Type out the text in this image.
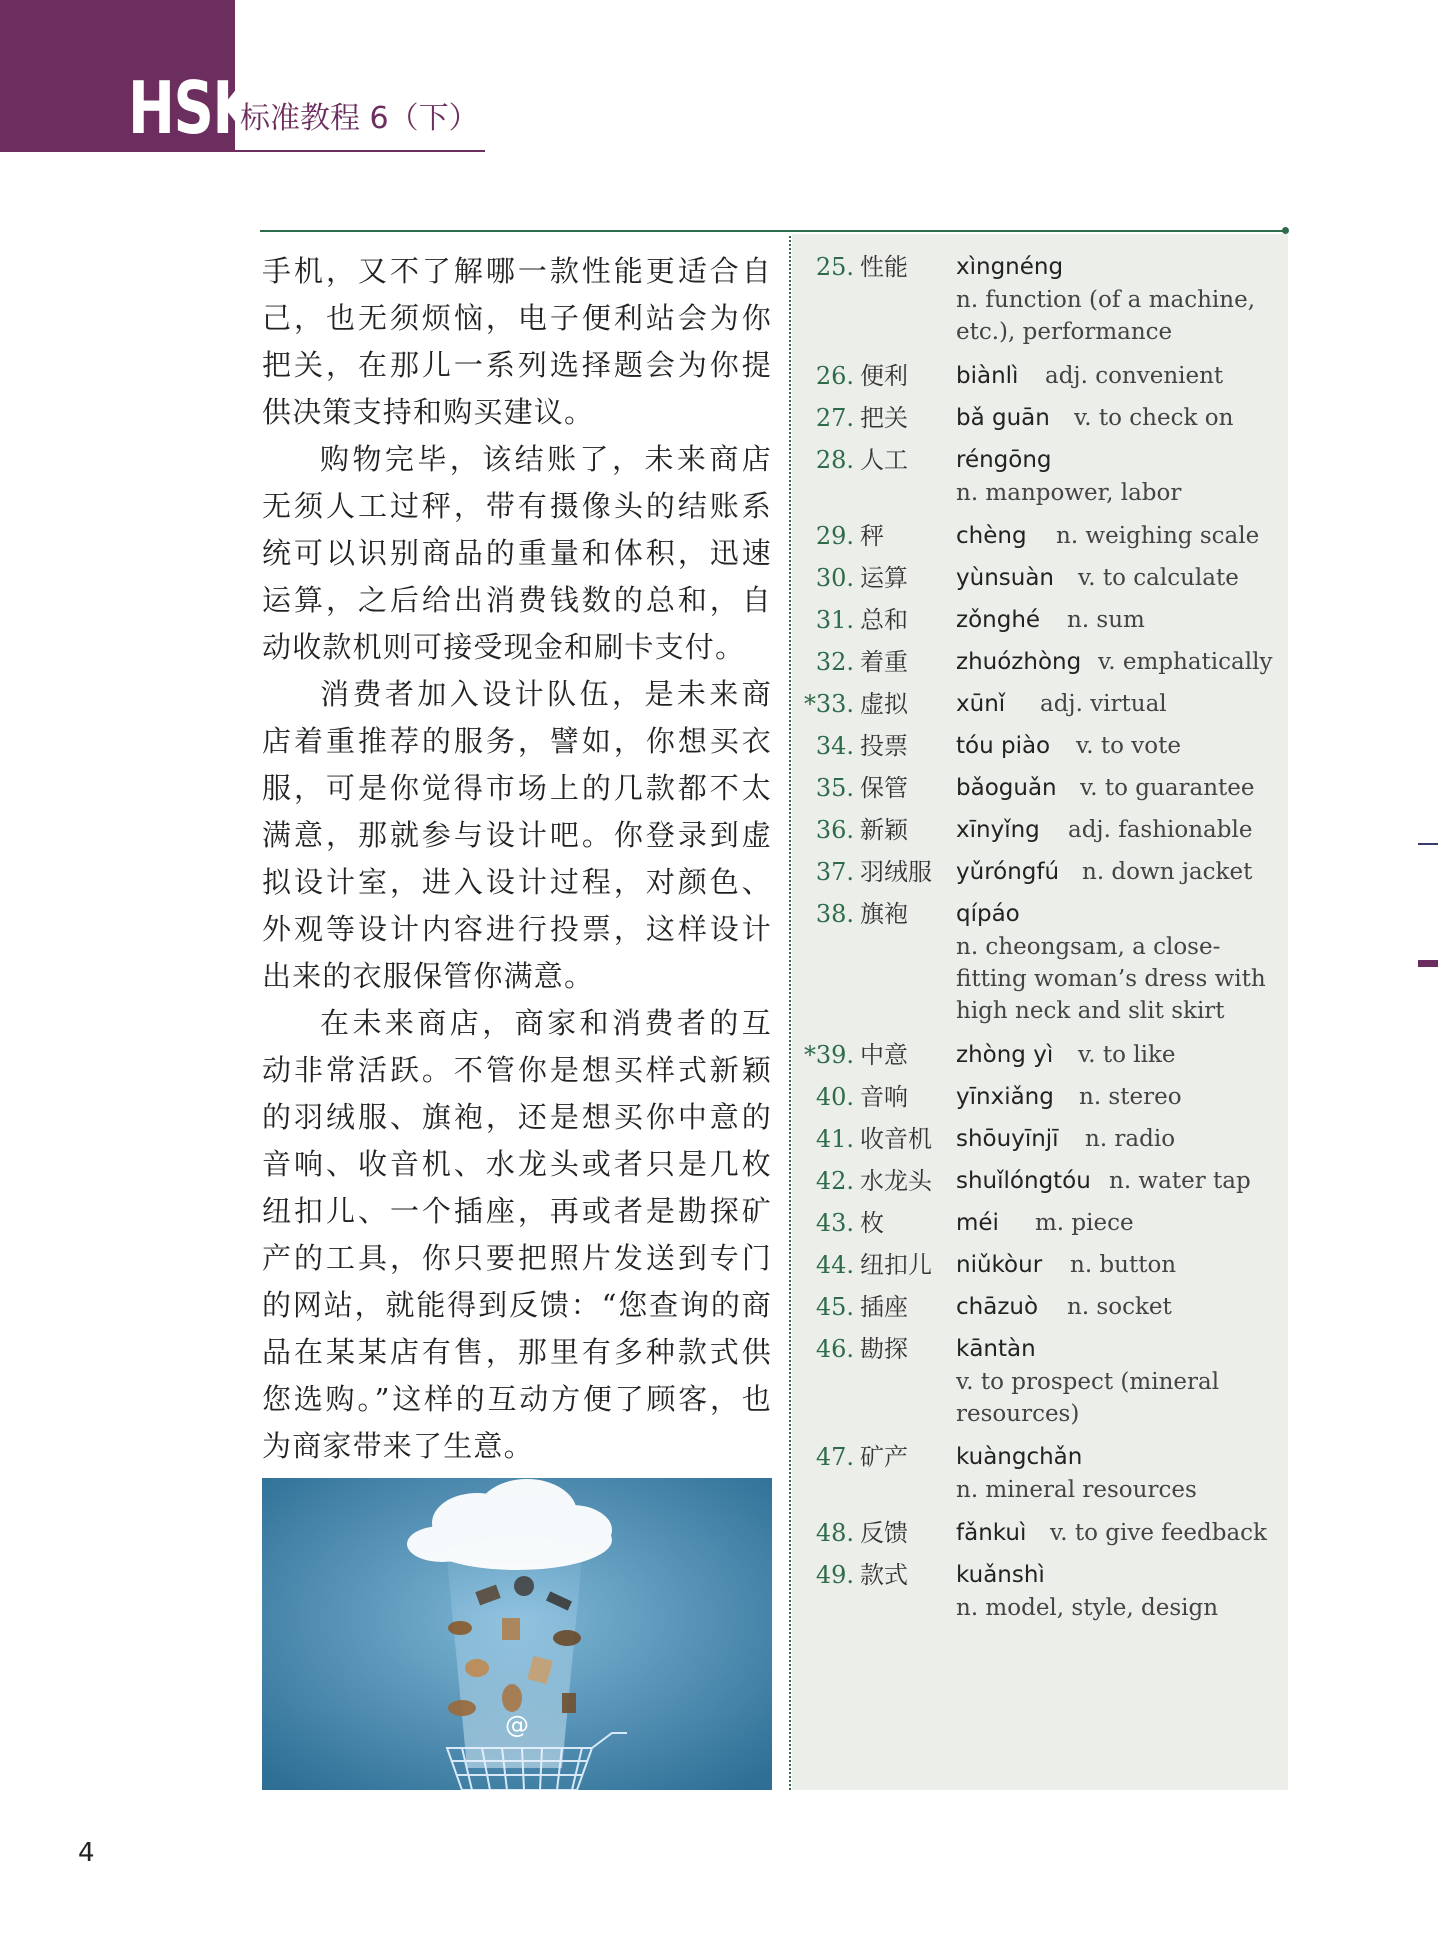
HSK
标准教程 6（下）

手机，又不了解哪一款性能更适合自己，也无须烦恼，电子便利站会为你把关，在那儿一系列选择题会为你提供决策支持和购买建议。

购物完毕，该结账了，未来商店无须人工过秤，带有摄像头的结账系统可以识别商品的重量和体积，迅速运算，之后给出消费钱数的总和，自动收款机则可接受现金和刷卡支付。

消费者加入设计队伍，是未来商店着重推荐的服务，譬如，你想买衣服，可是你觉得市场上的几款都不太满意，那就参与设计吧。你登录到虚拟设计室，进入设计过程，对颜色、外观等设计内容进行投票，这样设计出来的衣服保管你满意。

在未来商店，商家和消费者的互动非常活跃。不管你是想买样式新颖的羽绒服、旗袍，还是想买你中意的音响、收音机、水龙头或者只是几枚纽扣儿、一个插座，再或者是勘探矿产的工具，你只要把照片发送到专门的网站，就能得到反馈：“您查询的商品在某某店有售，那里有多种款式供您选购。”这样的互动方便了顾客，也为商家带来了生意。

@
25. 性能 xìngnéng
n. function (of a machine, etc.), performance
26. 便利 biànlì adj. convenient
27. 把关 bǎ guān v. to check on
28. 人工 réngōng
n. manpower, labor
29. 秤	chèng n. weighing scale
30. 运算 yùnsuàn v. to calculate
31. 总和 zǒnghé n. sum
32. 着重 zhuózhòng v. emphatically
* 33. 虚拟 xūnǐ adj. virtual
34. 投票 tóu piào v. to vote
35. 保管 bǎoguǎn v. to guarantee
36. 新颖 xīnyǐng adj. fashionable
37. 羽绒服 yǔróngfú n. down jacket
38. 旗袍 qípáo
n. cheongsam, a close-fitting woman’s dress with high neck and slit skirt
* 39. 中意 zhòng yì v. to like
40. 音响 yīnxiǎng n. stereo
41. 收音机 shōuyīnjī n. radio
42. 水龙头 shuǐlóngtóu n. water tap
43. 枚	méi m. piece
44. 纽扣儿 niǔkòur n. button
45. 插座 chāzuò n. socket
46. 勘探 kāntàn
v. to prospect (mineral resources)
47. 矿产 kuàngchǎn
n. mineral resources
48. 反馈 fǎnkuì v. to give feedback
49. 款式 kuǎnshì
n. model, style, design
4
